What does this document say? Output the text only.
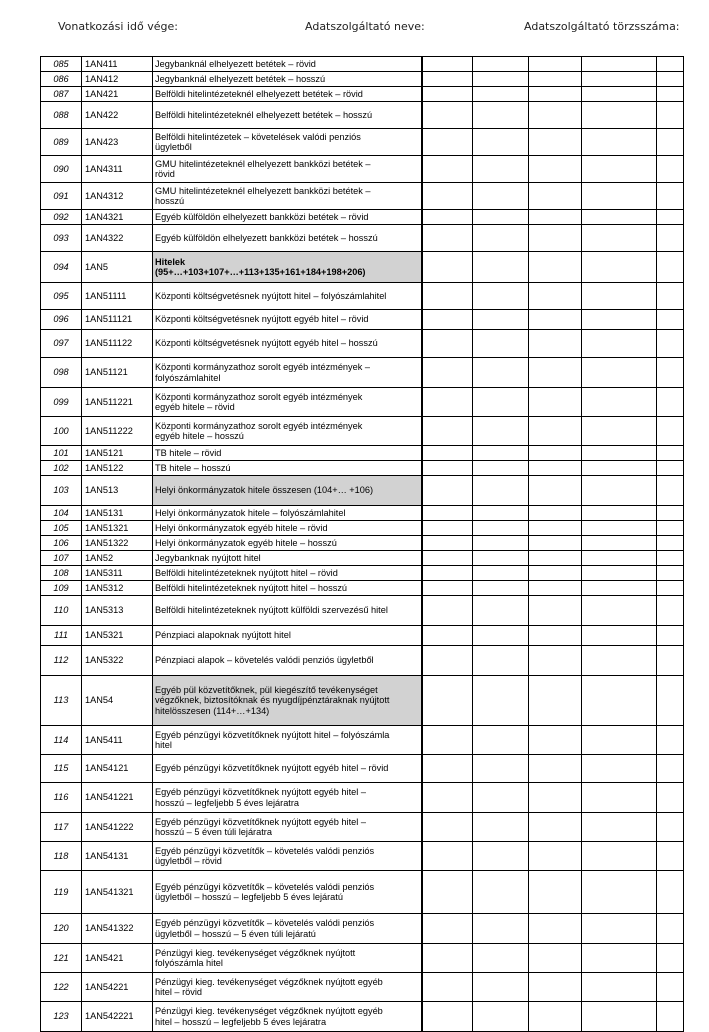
Vonatkozási idő vége:	Adatszolgáltató neve:	Adatszolgáltató törzsszáma:
085	1AN411	Jegybanknál elhelyezett betétek – rövid					

086	1AN412	Jegybanknál elhelyezett betétek – hosszú					

087	1AN421	Belföldi hitelintézeteknél elhelyezett betétek – rövid					

088	1AN422	Belföldi hitelintézeteknél elhelyezett betétek – hosszú					

089	1AN423	Belföldi hitelintézetek – követelések valódi penziós
ügyletből					

090	1AN4311	GMU hitelintézeteknél elhelyezett bankközi betétek –
rövid					

091	1AN4312	GMU hitelintézeteknél elhelyezett bankközi betétek –
hosszú					

092	1AN4321	Egyéb külföldön elhelyezett bankközi betétek – rövid					

093	1AN4322	Egyéb külföldön elhelyezett bankközi betétek – hosszú					

094	1AN5	Hitelek
(95+…+103+107+…+113+135+161+184+198+206)					

095	1AN51111	Központi költségvetésnek nyújtott hitel – folyószámlahitel					

096	1AN511121	Központi költségvetésnek nyújtott egyéb hitel – rövid					

097	1AN511122	Központi költségvetésnek nyújtott egyéb hitel – hosszú					

098	1AN51121	Központi kormányzathoz sorolt egyéb intézmények –
folyószámlahitel					

099	1AN511221	Központi kormányzathoz sorolt egyéb intézmények
egyéb hitele – rövid					

100	1AN511222	Központi kormányzathoz sorolt egyéb intézmények
egyéb hitele – hosszú					

101	1AN5121	TB hitele – rövid					

102	1AN5122	TB hitele – hosszú					

103	1AN513	Helyi önkormányzatok hitele összesen (104+… +106)					

104	1AN5131	Helyi önkormányzatok hitele – folyószámlahitel					

105	1AN51321	Helyi önkormányzatok egyéb hitele – rövid					

106	1AN51322	Helyi önkormányzatok egyéb hitele – hosszú					

107	1AN52	Jegybanknak nyújtott hitel					

108	1AN5311	Belföldi hitelintézeteknek nyújtott hitel – rövid					

109	1AN5312	Belföldi hitelintézeteknek nyújtott hitel – hosszú					

110	1AN5313	Belföldi hitelintézeteknek nyújtott külföldi szervezésű hitel					

111	1AN5321	Pénzpiaci alapoknak nyújtott hitel					

112	1AN5322	Pénzpiaci alapok – követelés valódi penziós ügyletből					

113	1AN54	Egyéb pül közvetítőknek, pül kiegészítő tevékenységet
végzőknek, biztosítóknak és nyugdíjpénztáraknak nyújtott
hitelösszesen (114+…+134)					

114	1AN5411	Egyéb pénzügyi közvetítőknek nyújtott hitel – folyószámla
hitel					

115	1AN54121	Egyéb pénzügyi közvetítőknek nyújtott egyéb hitel – rövid					

116	1AN541221	Egyéb pénzügyi közvetítőknek nyújtott egyéb hitel –
hosszú – legfeljebb 5 éves lejáratra					

117	1AN541222	Egyéb pénzügyi közvetítőknek nyújtott egyéb hitel –
hosszú – 5 éven túli lejáratra					

118	1AN54131	Egyéb pénzügyi közvetítők – követelés valódi penziós
ügyletből – rövid					

119	1AN541321	Egyéb pénzügyi közvetítők – követelés valódi penziós
ügyletből – hosszú – legfeljebb 5 éves lejáratú					

120	1AN541322	Egyéb pénzügyi közvetítők – követelés valódi penziós
ügyletből – hosszú – 5 éven túli lejáratú					

121	1AN5421	Pénzügyi kieg. tevékenységet végzőknek nyújtott
folyószámla hitel					

122	1AN54221	Pénzügyi kieg. tevékenységet végzőknek nyújtott egyéb
hitel – rövid					

123	1AN542221	Pénzügyi kieg. tevékenységet végzőknek nyújtott egyéb
hitel – hosszú – legfeljebb 5 éves lejáratra					
